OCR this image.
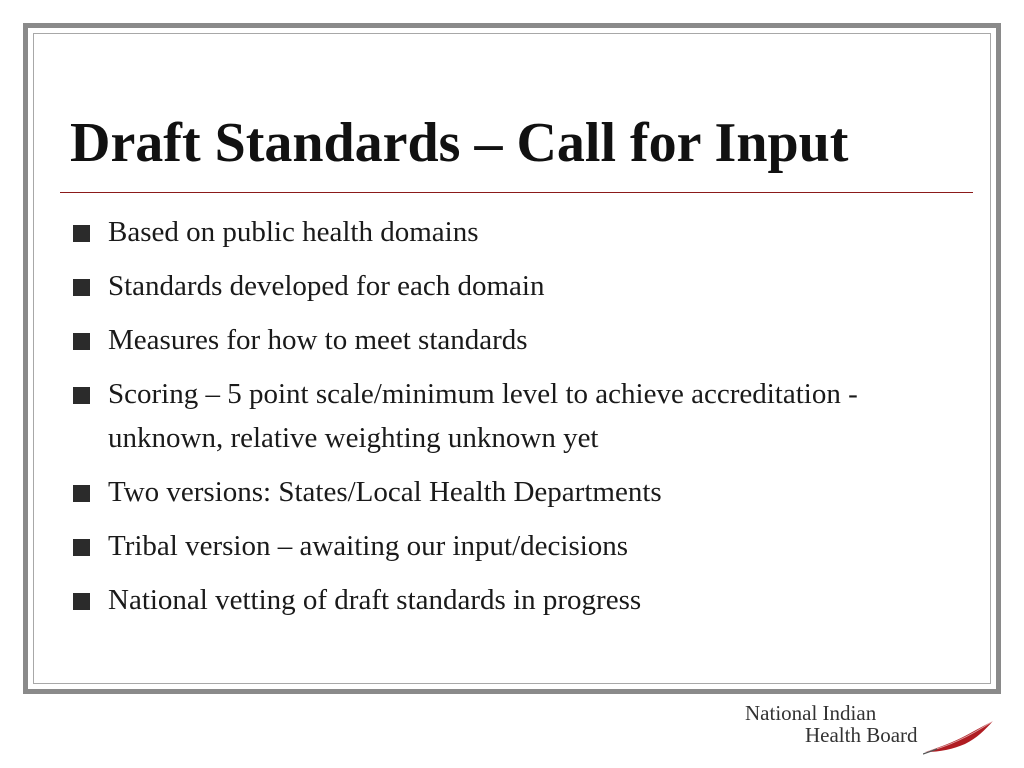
Draft Standards – Call for Input
Based on public health domains
Standards developed for each domain
Measures for how to meet standards
Scoring – 5 point scale/minimum level to achieve accreditation - unknown, relative weighting unknown yet
Two versions: States/Local Health Departments
Tribal version – awaiting our input/decisions
National vetting of draft standards in progress
National Indian
Health Board
